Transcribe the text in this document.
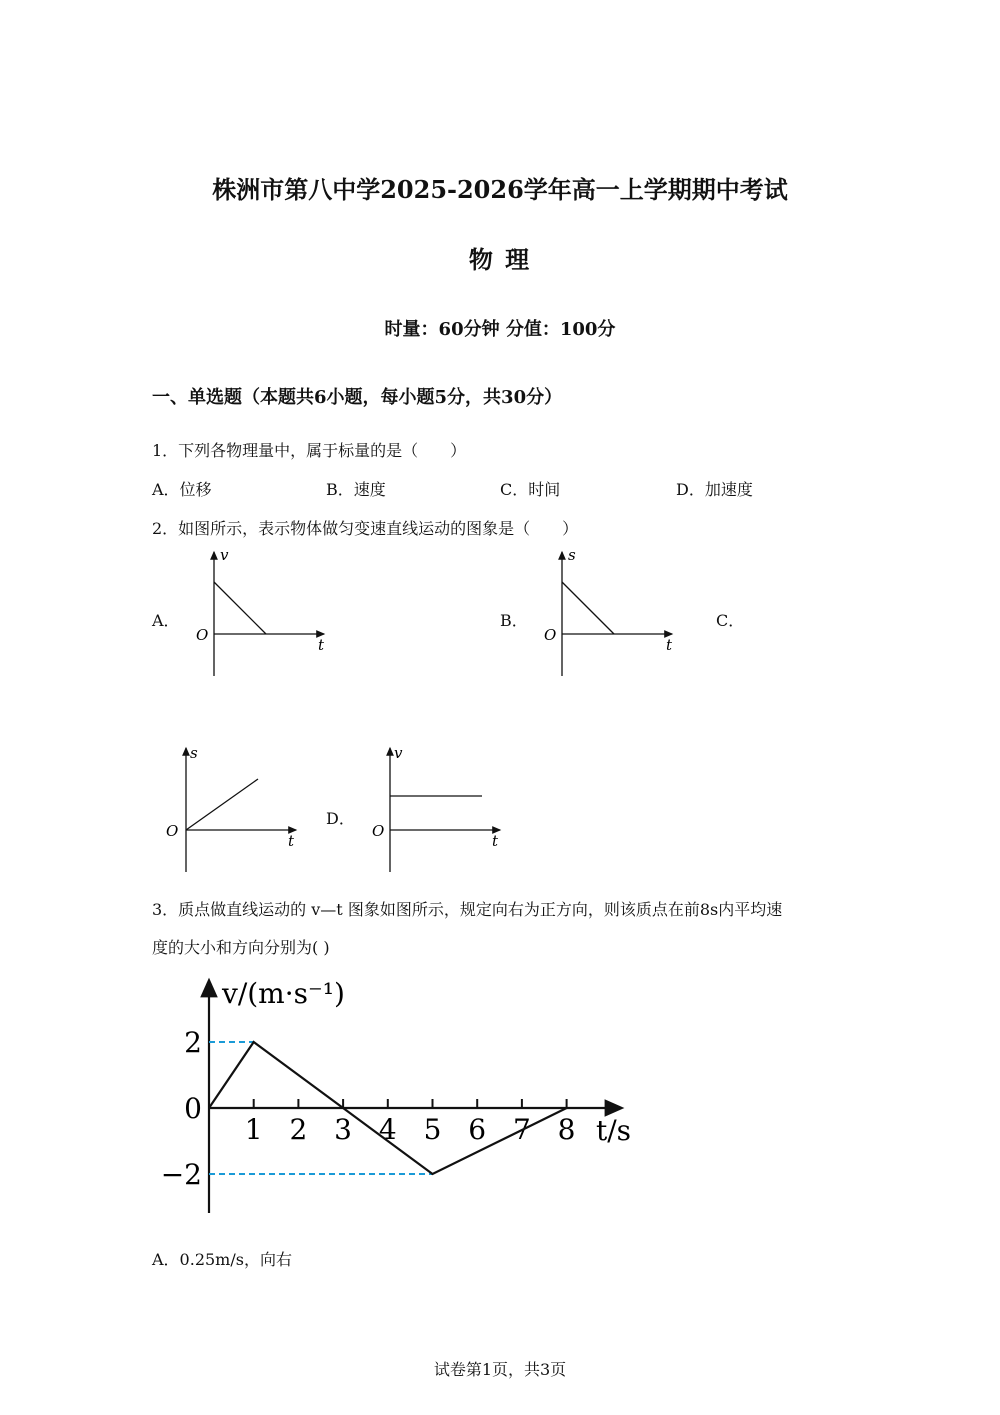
株洲市第八中学2025-2026学年高一上学期期中考试
物 理
时量：60分钟 分值：100分
一、单选题（本题共6小题，每小题5分，共30分）
1．下列各物理量中，属于标量的是（　　）
A．位移	B．速度	C．时间	D．加速度
2．如图所示，表示物体做匀变速直线运动的图象是（　　）
A．	B．	C．
D．
v
t
O
s
t
O
s
t
O
v
t
O
3．质点做直线运动的 v—t 图象如图所示，规定向右为正方向，则该质点在前8s内平均速
度的大小和方向分别为( )
v/(m·s⁻¹)
t/s
1 2 3 4 5 6 7 8
2
0
−2
A．0.25m/s，向右
试卷第1页，共3页
